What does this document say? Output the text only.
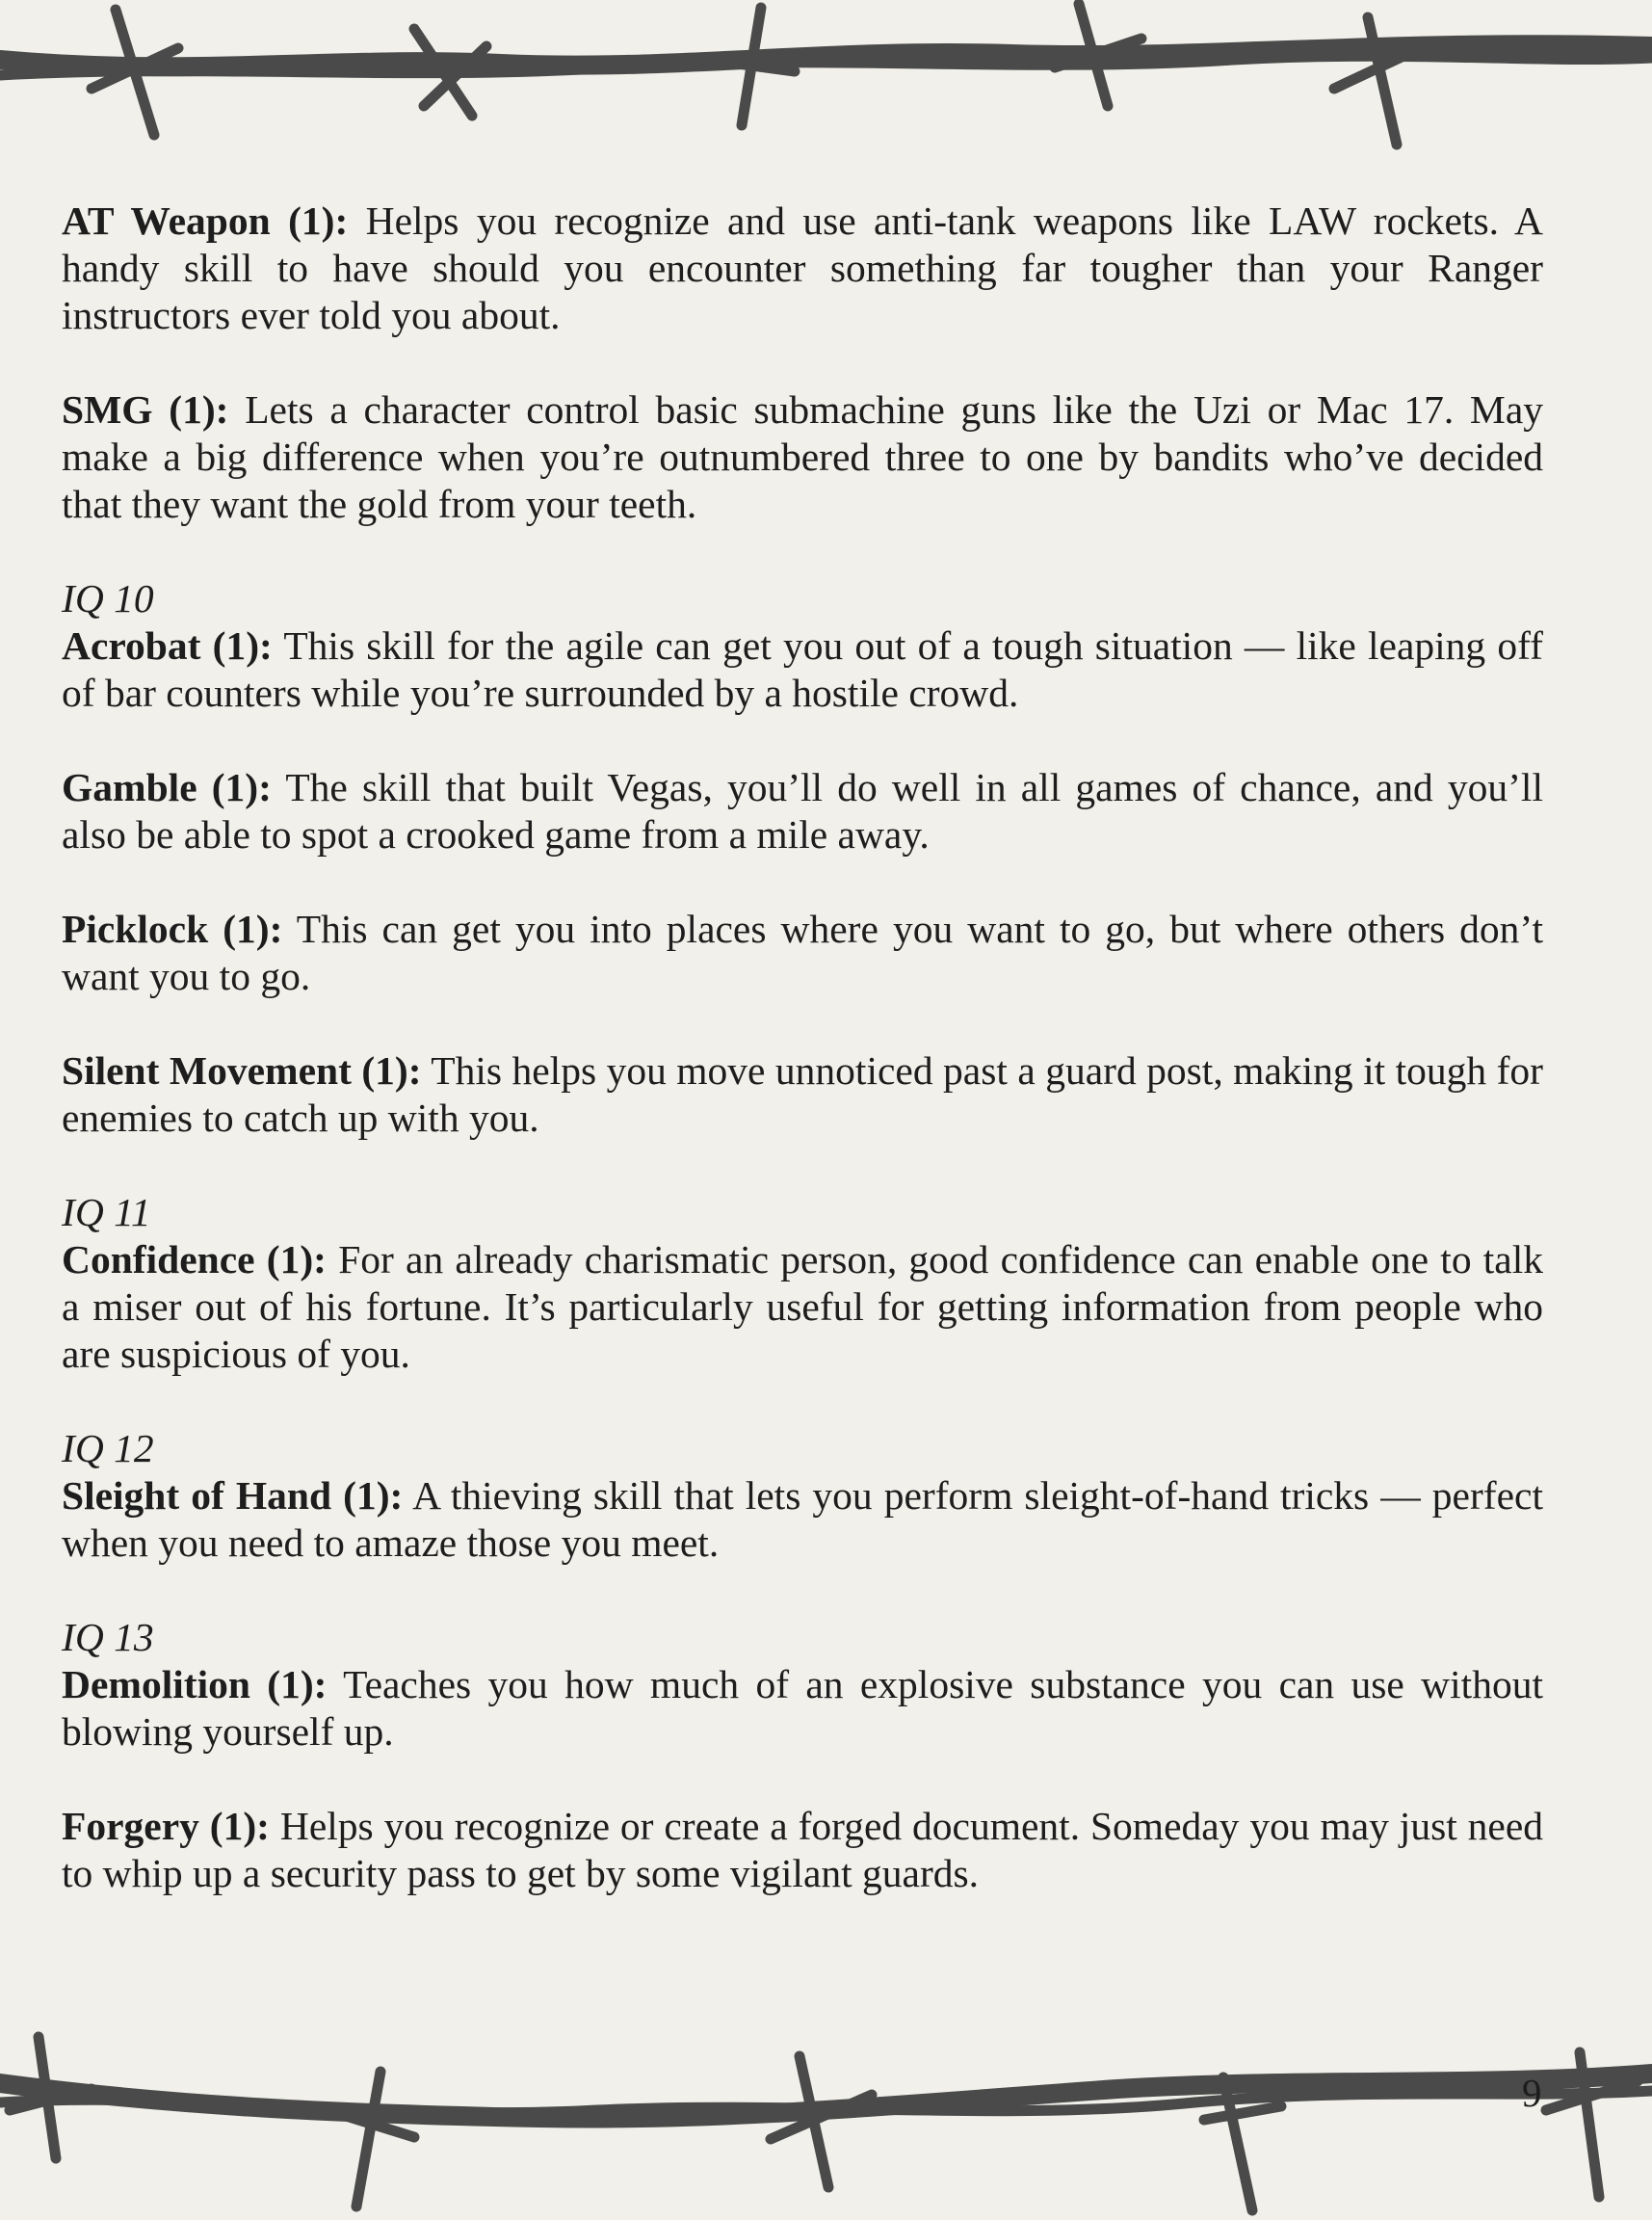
AT Weapon (1): Helps you recognize and use anti-tank weapons like LAW rockets. A handy skill to have should you encounter something far tougher than your Ranger instructors ever told you about.

SMG (1): Lets a character control basic submachine guns like the Uzi or Mac 17. May make a big difference when you’re outnumbered three to one by bandits who’ve decided that they want the gold from your teeth.

IQ 10

Acrobat (1): This skill for the agile can get you out of a tough situation — like leaping off of bar counters while you’re surrounded by a hostile crowd.

Gamble (1): The skill that built Vegas, you’ll do well in all games of chance, and you’ll also be able to spot a crooked game from a mile away.

Picklock (1): This can get you into places where you want to go, but where others don’t want you to go.

Silent Movement (1): This helps you move unnoticed past a guard post, making it tough for enemies to catch up with you.

IQ 11

Confidence (1): For an already charismatic person, good confidence can enable one to talk a miser out of his fortune. It’s particularly useful for getting information from people who are suspicious of you.

IQ 12

Sleight of Hand (1): A thieving skill that lets you perform sleight-of-hand tricks — perfect when you need to amaze those you meet.

IQ 13

Demolition (1): Teaches you how much of an explosive substance you can use without blowing yourself up.

Forgery (1): Helps you recognize or create a forged document. Someday you may just need to whip up a security pass to get by some vigilant guards.

9
